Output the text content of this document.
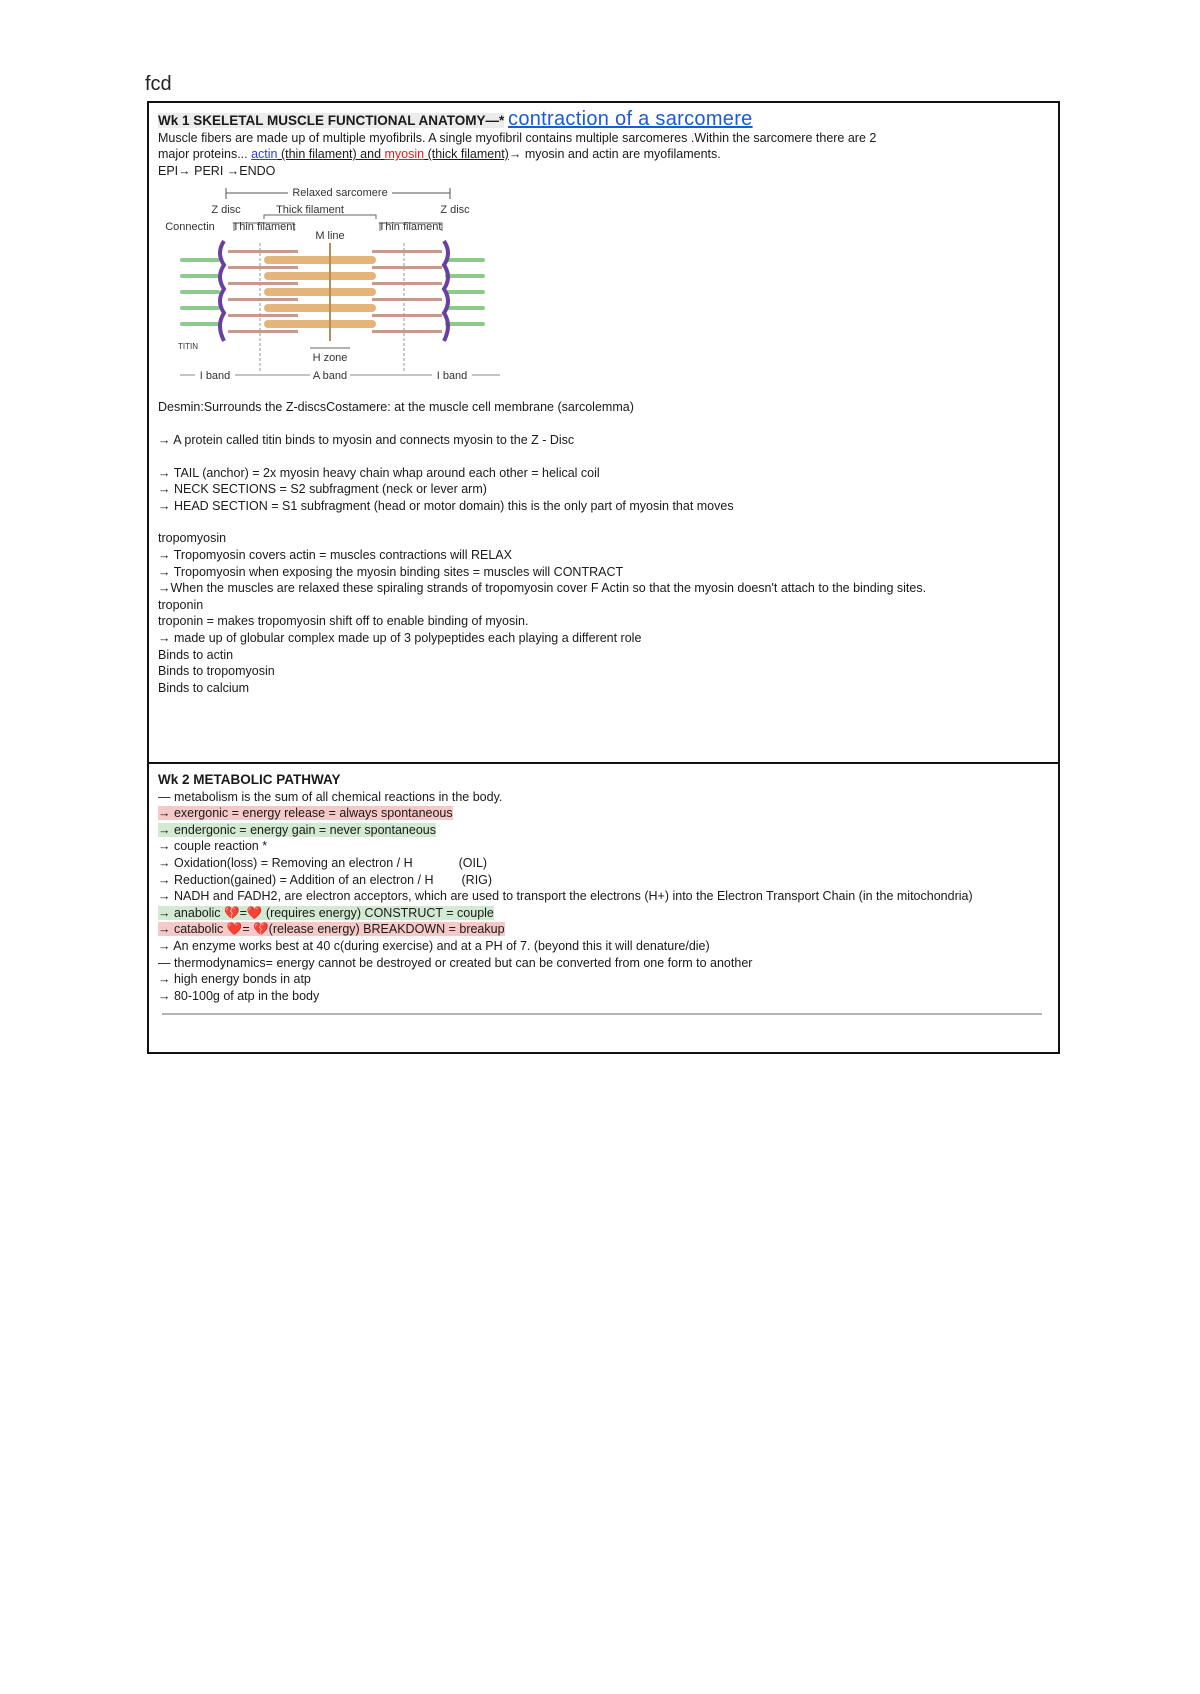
fcd
Wk 1 SKELETAL MUSCLE FUNCTIONAL ANATOMY—* contraction of a sarcomere
Muscle fibers are made up of multiple myofibrils. A single myofibril contains multiple sarcomeres .Within the sarcomere there are 2
major proteins... actin (thin filament) and myosin (thick filament)→ myosin and actin are myofilaments.
EPI→ PERI →ENDO
Relaxed sarcomere
Z disc	Thick filament	Z disc
Connectin Thin filament
M line
Thin filament
TITIN
H zone
I band	A band	I band
Desmin:Surrounds the Z-discsCostamere: at the muscle cell membrane (sarcolemma)
→ A protein called titin binds to myosin and connects myosin to the Z - Disc
→ TAIL (anchor) = 2x myosin heavy chain whap around each other = helical coil
→ NECK SECTIONS = S2 subfragment (neck or lever arm)
→ HEAD SECTION = S1 subfragment (head or motor domain) this is the only part of myosin that moves
tropomyosin
→ Tropomyosin covers actin = muscles contractions will RELAX
→ Tropomyosin when exposing the myosin binding sites = muscles will CONTRACT
→When the muscles are relaxed these spiraling strands of tropomyosin cover F Actin so that the myosin doesn't attach to the binding sites.
troponin
troponin = makes tropomyosin shift off to enable binding of myosin.
→ made up of globular complex made up of 3 polypeptides each playing a different role
Binds to actin
Binds to tropomyosin
Binds to calcium
Wk 2 METABOLIC PATHWAY
— metabolism is the sum of all chemical reactions in the body.
→ exergonic = energy release = always spontaneous
→ endergonic = energy gain = never spontaneous
→ couple reaction *
→ Oxidation(loss) = Removing an electron / H	(OIL)
→ Reduction(gained) = Addition of an electron / H (RIG)
→ NADH and FADH2, are electron acceptors, which are used to transport the electrons (H+) into the Electron Transport Chain (in the mitochondria)
→ anabolic 💔=❤️ (requires energy) CONSTRUCT = couple
→ catabolic ❤️= 💔(release energy) BREAKDOWN = breakup
→ An enzyme works best at 40 c(during exercise) and at a PH of 7. (beyond this it will denature/die)
— thermodynamics= energy cannot be destroyed or created but can be converted from one form to another
→ high energy bonds in atp
→ 80-100g of atp in the body
